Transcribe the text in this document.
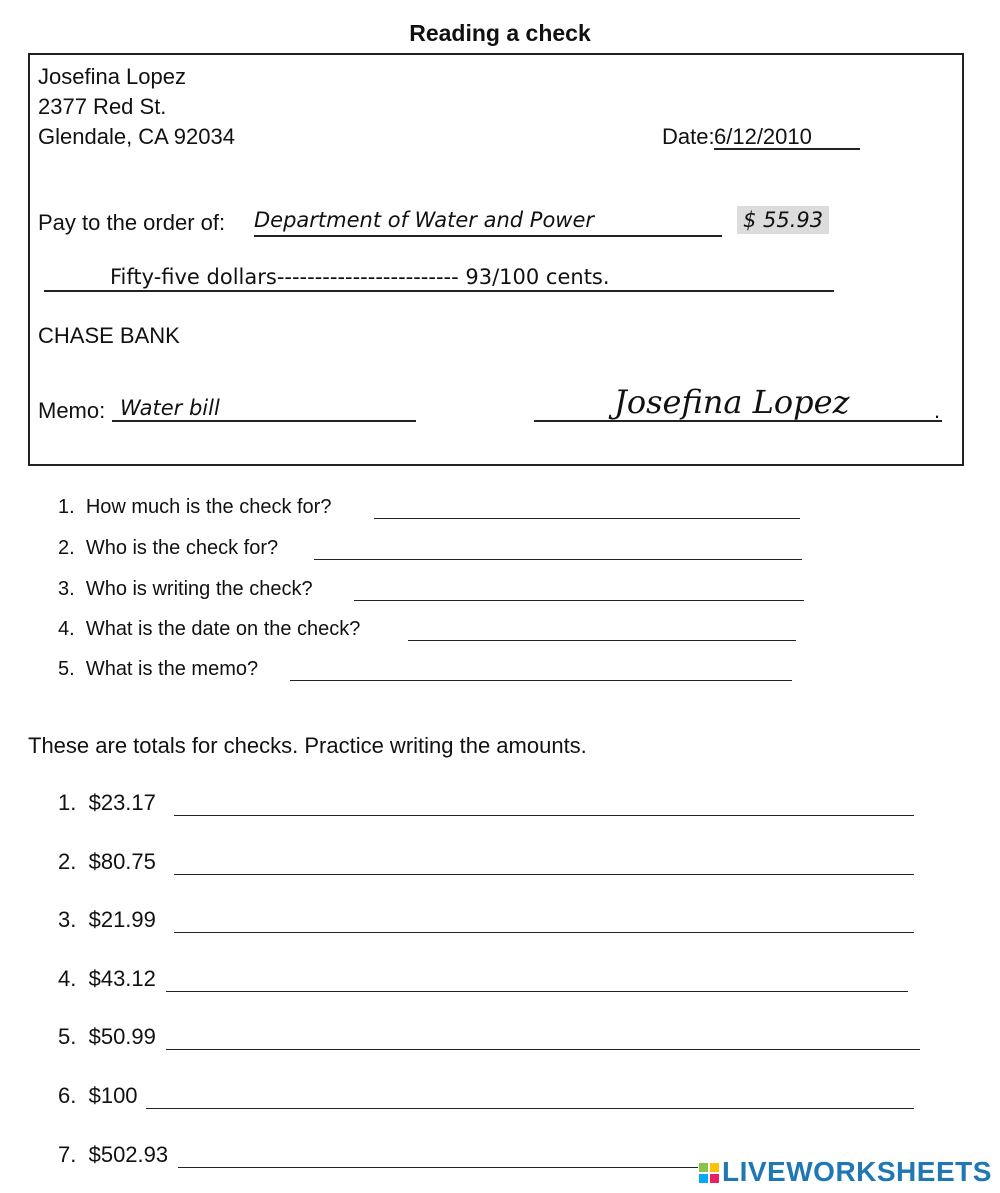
Reading a check
Josefina Lopez
2377 Red St.
Glendale, CA 92034	Date: 6/12/2010
Pay to the order of: Department of Water and Power	$ 55.93
Fifty-five dollars------------------------ 93/100 cents.
CHASE BANK
Memo: Water bill	Josefina Lopez	.
1. How much is the check for?
2. Who is the check for?
3. Who is writing the check?
4. What is the date on the check?
5. What is the memo?
These are totals for checks. Practice writing the amounts.
1. $23.17
2. $80.75
3. $21.99
4. $43.12
5. $50.99
6. $100
7. $502.93
LIVEWORKSHEETS
